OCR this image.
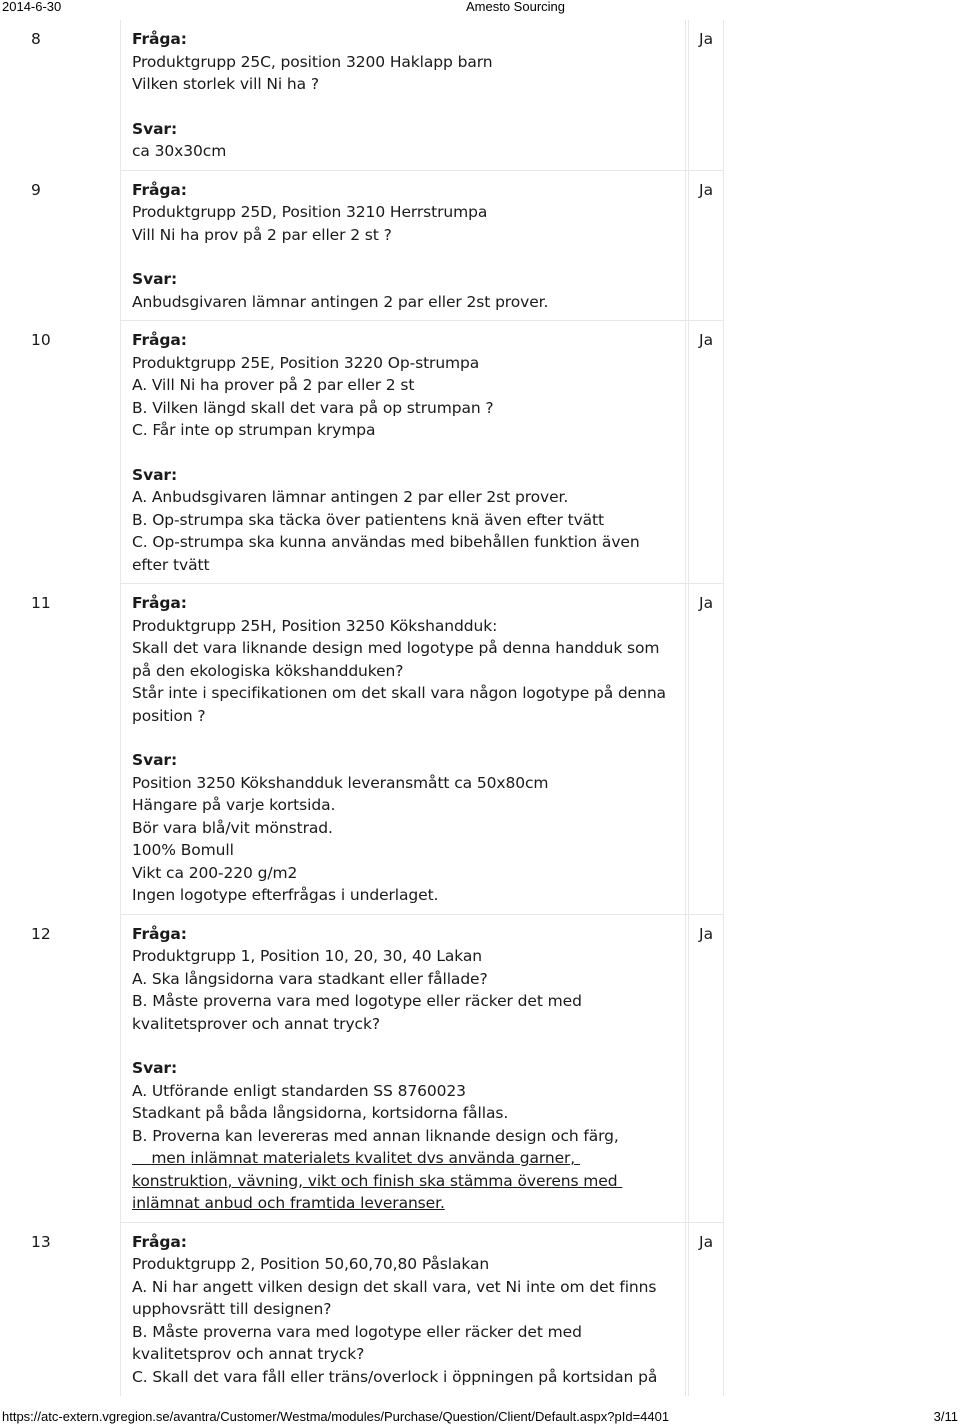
2014-6-30	Amesto Sourcing
8	Fråga:
Produktgrupp 25C, position 3200 Haklapp barn
Vilken storlek vill Ni ha ?
Svar:
ca 30x30cm
Ja
9	Fråga:
Produktgrupp 25D, Position 3210 Herrstrumpa
Vill Ni ha prov på 2 par eller 2 st ?
Svar:
Anbudsgivaren lämnar antingen 2 par eller 2st prover.
Ja
10	Fråga:
Produktgrupp 25E, Position 3220 Op-strumpa
A. Vill Ni ha prover på 2 par eller 2 st
B. Vilken längd skall det vara på op strumpan ?
C. Får inte op strumpan krympa
Svar:
A. Anbudsgivaren lämnar antingen 2 par eller 2st prover.
B. Op-strumpa ska täcka över patientens knä även efter tvätt
C. Op-strumpa ska kunna användas med bibehållen funktion även efter tvätt
Ja
11	Fråga:
Produktgrupp 25H, Position 3250 Kökshandduk:
Skall det vara liknande design med logotype på denna handduk som på den ekologiska kökshandduken?
Står inte i specifikationen om det skall vara någon logotype på denna position ?
Svar:
Position 3250 Kökshandduk leveransmått ca 50x80cm
Hängare på varje kortsida.
Bör vara blå/vit mönstrad.
100% Bomull
Vikt ca 200-220 g/m2
Ingen logotype efterfrågas i underlaget.
Ja
12	Fråga:
Produktgrupp 1, Position 10, 20, 30, 40 Lakan
A. Ska långsidorna vara stadkant eller fållade?
B. Måste proverna vara med logotype eller räcker det med kvalitetsprover och annat tryck?
Svar:
A. Utförande enligt standarden SS 8760023
Stadkant på båda långsidorna, kortsidorna fållas.
B. Proverna kan levereras med annan liknande design och färg,
men inlämnat materialets kvalitet dvs använda garner, konstruktion, vävning, vikt och finish ska stämma överens med inlämnat anbud och framtida leveranser.
Ja
13	Fråga:
Produktgrupp 2, Position 50,60,70,80 Påslakan
A. Ni har angett vilken design det skall vara, vet Ni inte om det finns upphovsrätt till designen?
B. Måste proverna vara med logotype eller räcker det med kvalitetsprov och annat tryck?
C. Skall det vara fåll eller träns/overlock i öppningen på kortsidan på
Ja
https://atc-extern.vgregion.se/avantra/Customer/Westma/modules/Purchase/Question/Client/Default.aspx?pId=4401	3/11
